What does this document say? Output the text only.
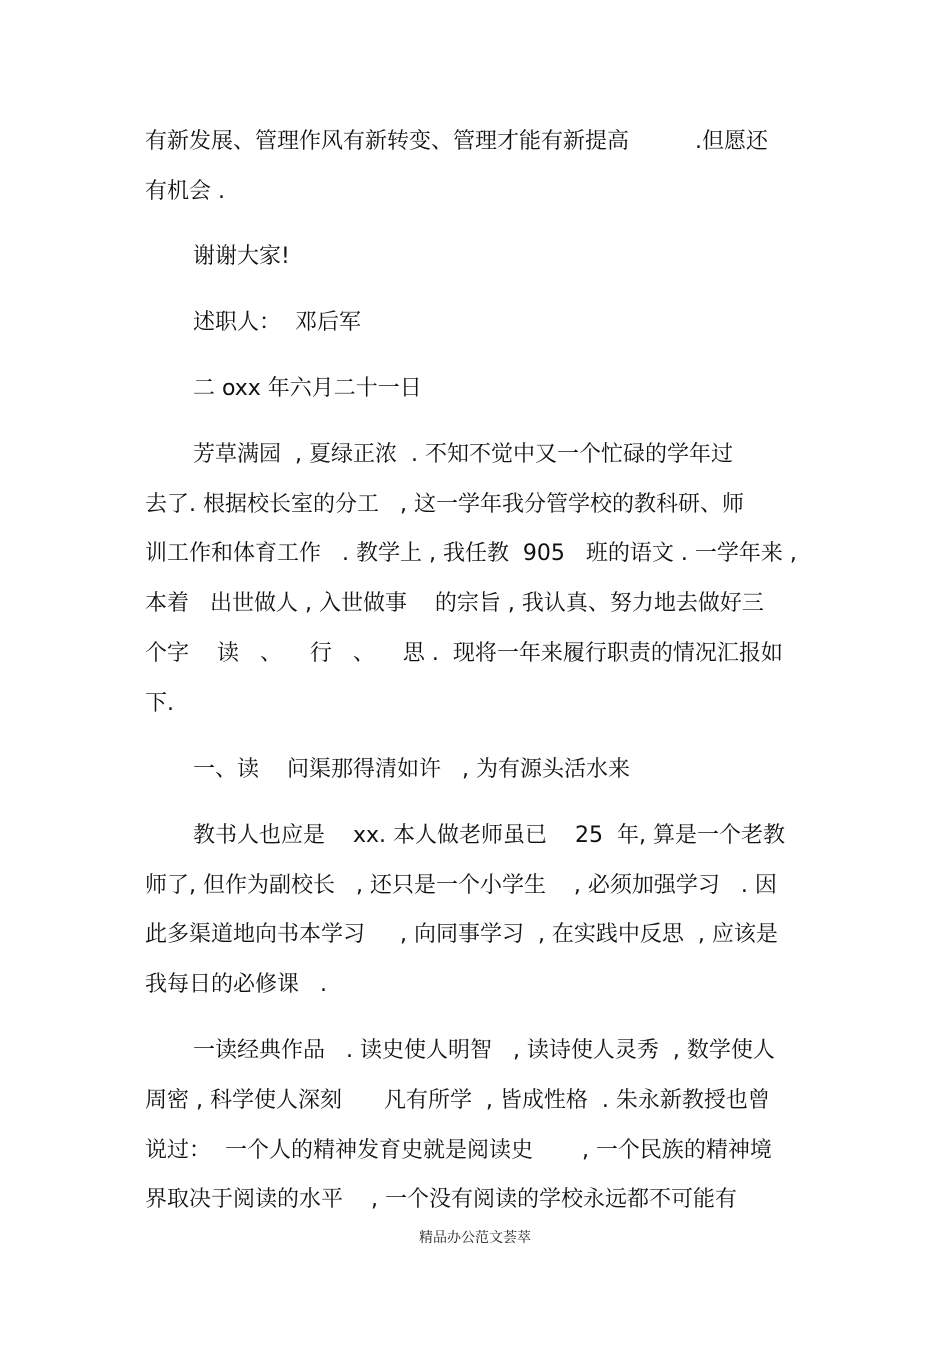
有新发展、管理作风有新转变、管理才能有新提高　　　.但愿还
有机会 .
谢谢大家!
述职人：  邓后军
二 oxx 年六月二十一日
芳草满园  , 夏绿正浓  . 不知不觉中又一个忙碌的学年过
去了. 根据校长室的分工   , 这一学年我分管学校的教科研、师
训工作和体育工作   . 教学上 , 我任教  905   班的语文 . 一学年来 ,
本着   出世做人 , 入世做事    的宗旨 , 我认真、努力地去做好三
个字    读   、    行   、    思 .  现将一年来履行职责的情况汇报如
下.
一、读    问渠那得清如许   , 为有源头活水来
教书人也应是    xx. 本人做老师虽已    25  年, 算是一个老教
师了, 但作为副校长   , 还只是一个小学生    , 必须加强学习   . 因
此多渠道地向书本学习     , 向同事学习  , 在实践中反思  , 应该是
我每日的必修课   .
一读经典作品   . 读史使人明智   , 读诗使人灵秀  , 数学使人
周密 , 科学使人深刻      凡有所学  , 皆成性格  . 朱永新教授也曾
说过：  一个人的精神发育史就是阅读史       , 一个民族的精神境
界取决于阅读的水平    , 一个没有阅读的学校永远都不可能有
精品办公范文荟萃
